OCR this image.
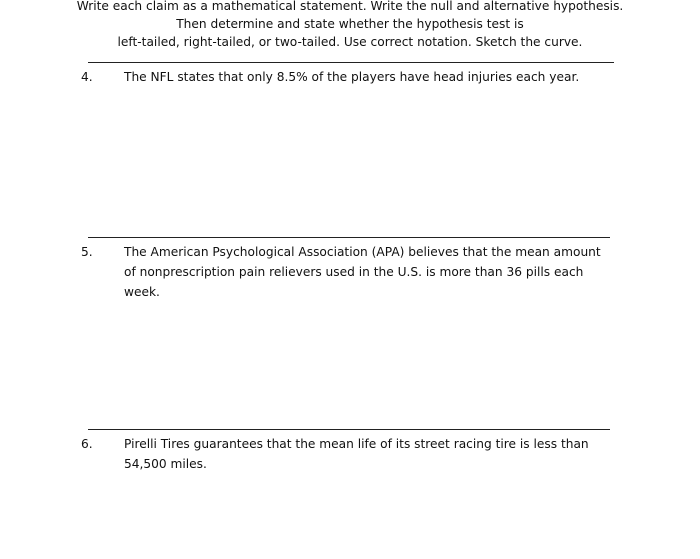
Write each claim as a mathematical statement. Write the null and alternative hypothesis.
Then determine and state whether the hypothesis test is
left-tailed, right-tailed, or two-tailed. Use correct notation. Sketch the curve.
4.	The NFL states that only 8.5% of the players have head injuries each year.
5.	The American Psychological Association (APA) believes that the mean amount of nonprescription pain relievers used in the U.S. is more than 36 pills each week.
6.	Pirelli Tires guarantees that the mean life of its street racing tire is less than 54,500 miles.
